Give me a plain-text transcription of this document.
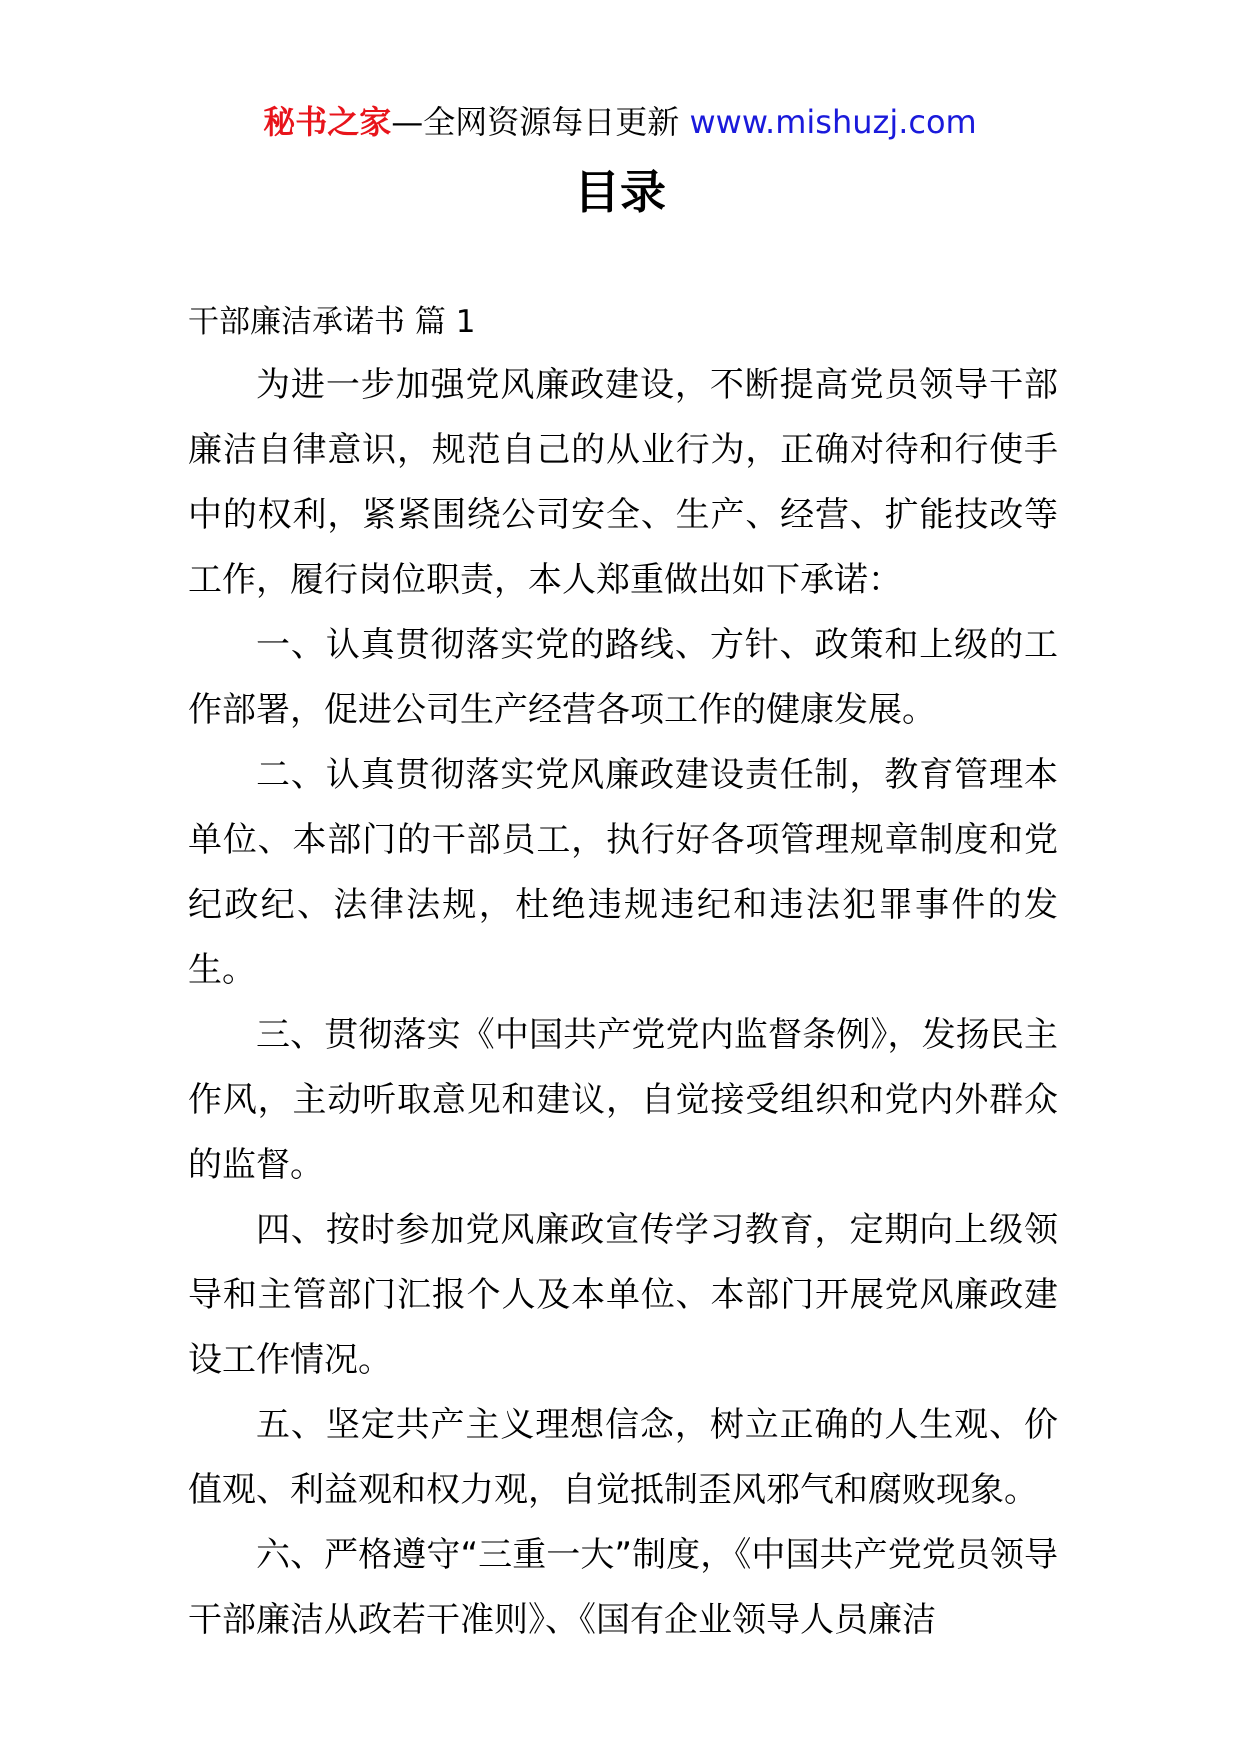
秘书之家—全网资源每日更新 www.mishuzj.com
目录

干部廉洁承诺书 篇 1

为进一步加强党风廉政建设，不断提高党员领导干部廉洁自律意识，规范自己的从业行为，正确对待和行使手中的权利，紧紧围绕公司安全、生产、经营、扩能技改等工作，履行岗位职责，本人郑重做出如下承诺：

一、认真贯彻落实党的路线、方针、政策和上级的工作部署，促进公司生产经营各项工作的健康发展。

二、认真贯彻落实党风廉政建设责任制，教育管理本单位、本部门的干部员工，执行好各项管理规章制度和党纪政纪、法律法规，杜绝违规违纪和违法犯罪事件的发生。

三、贯彻落实《中国共产党党内监督条例》，发扬民主作风，主动听取意见和建议，自觉接受组织和党内外群众的监督。

四、按时参加党风廉政宣传学习教育，定期向上级领导和主管部门汇报个人及本单位、本部门开展党风廉政建设工作情况。

五、坚定共产主义理想信念，树立正确的人生观、价值观、利益观和权力观，自觉抵制歪风邪气和腐败现象。

六、严格遵守“三重一大”制度，《中国共产党党员领导干部廉洁从政若干准则》、《国有企业领导人员廉洁
